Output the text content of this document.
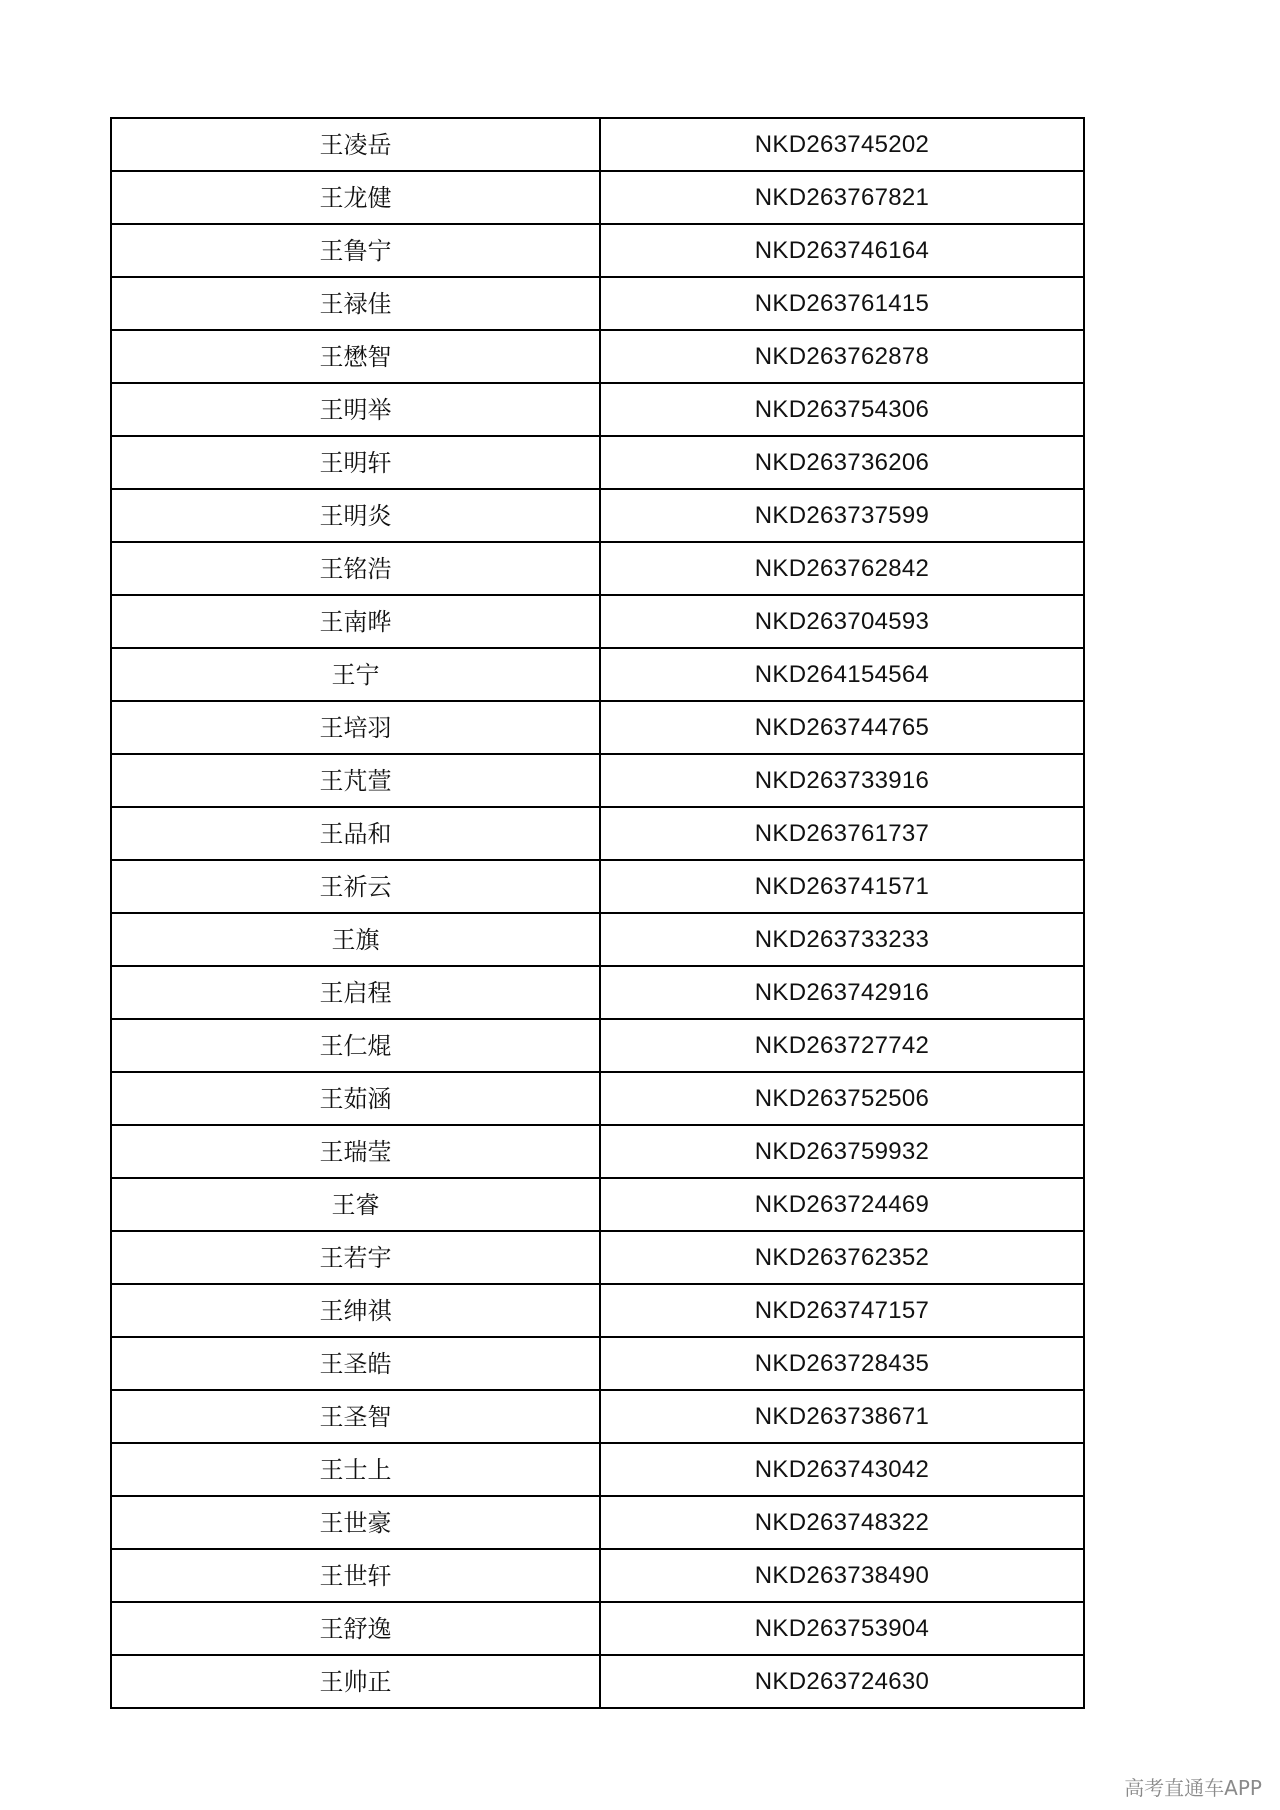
王凌岳	NKD263745202
王龙健	NKD263767821
王鲁宁	NKD263746164
王禄佳	NKD263761415
王懋智	NKD263762878
王明举	NKD263754306
王明轩	NKD263736206
王明炎	NKD263737599
王铭浩	NKD263762842
王南晔	NKD263704593
王宁	NKD264154564
王培羽	NKD263744765
王芃萱	NKD263733916
王品和	NKD263761737
王祈云	NKD263741571
王旗	NKD263733233
王启程	NKD263742916
王仁焜	NKD263727742
王茹涵	NKD263752506
王瑞莹	NKD263759932
王睿	NKD263724469
王若宇	NKD263762352
王绅祺	NKD263747157
王圣皓	NKD263728435
王圣智	NKD263738671
王士上	NKD263743042
王世豪	NKD263748322
王世轩	NKD263738490
王舒逸	NKD263753904
王帅正	NKD263724630
高考直通车APP
